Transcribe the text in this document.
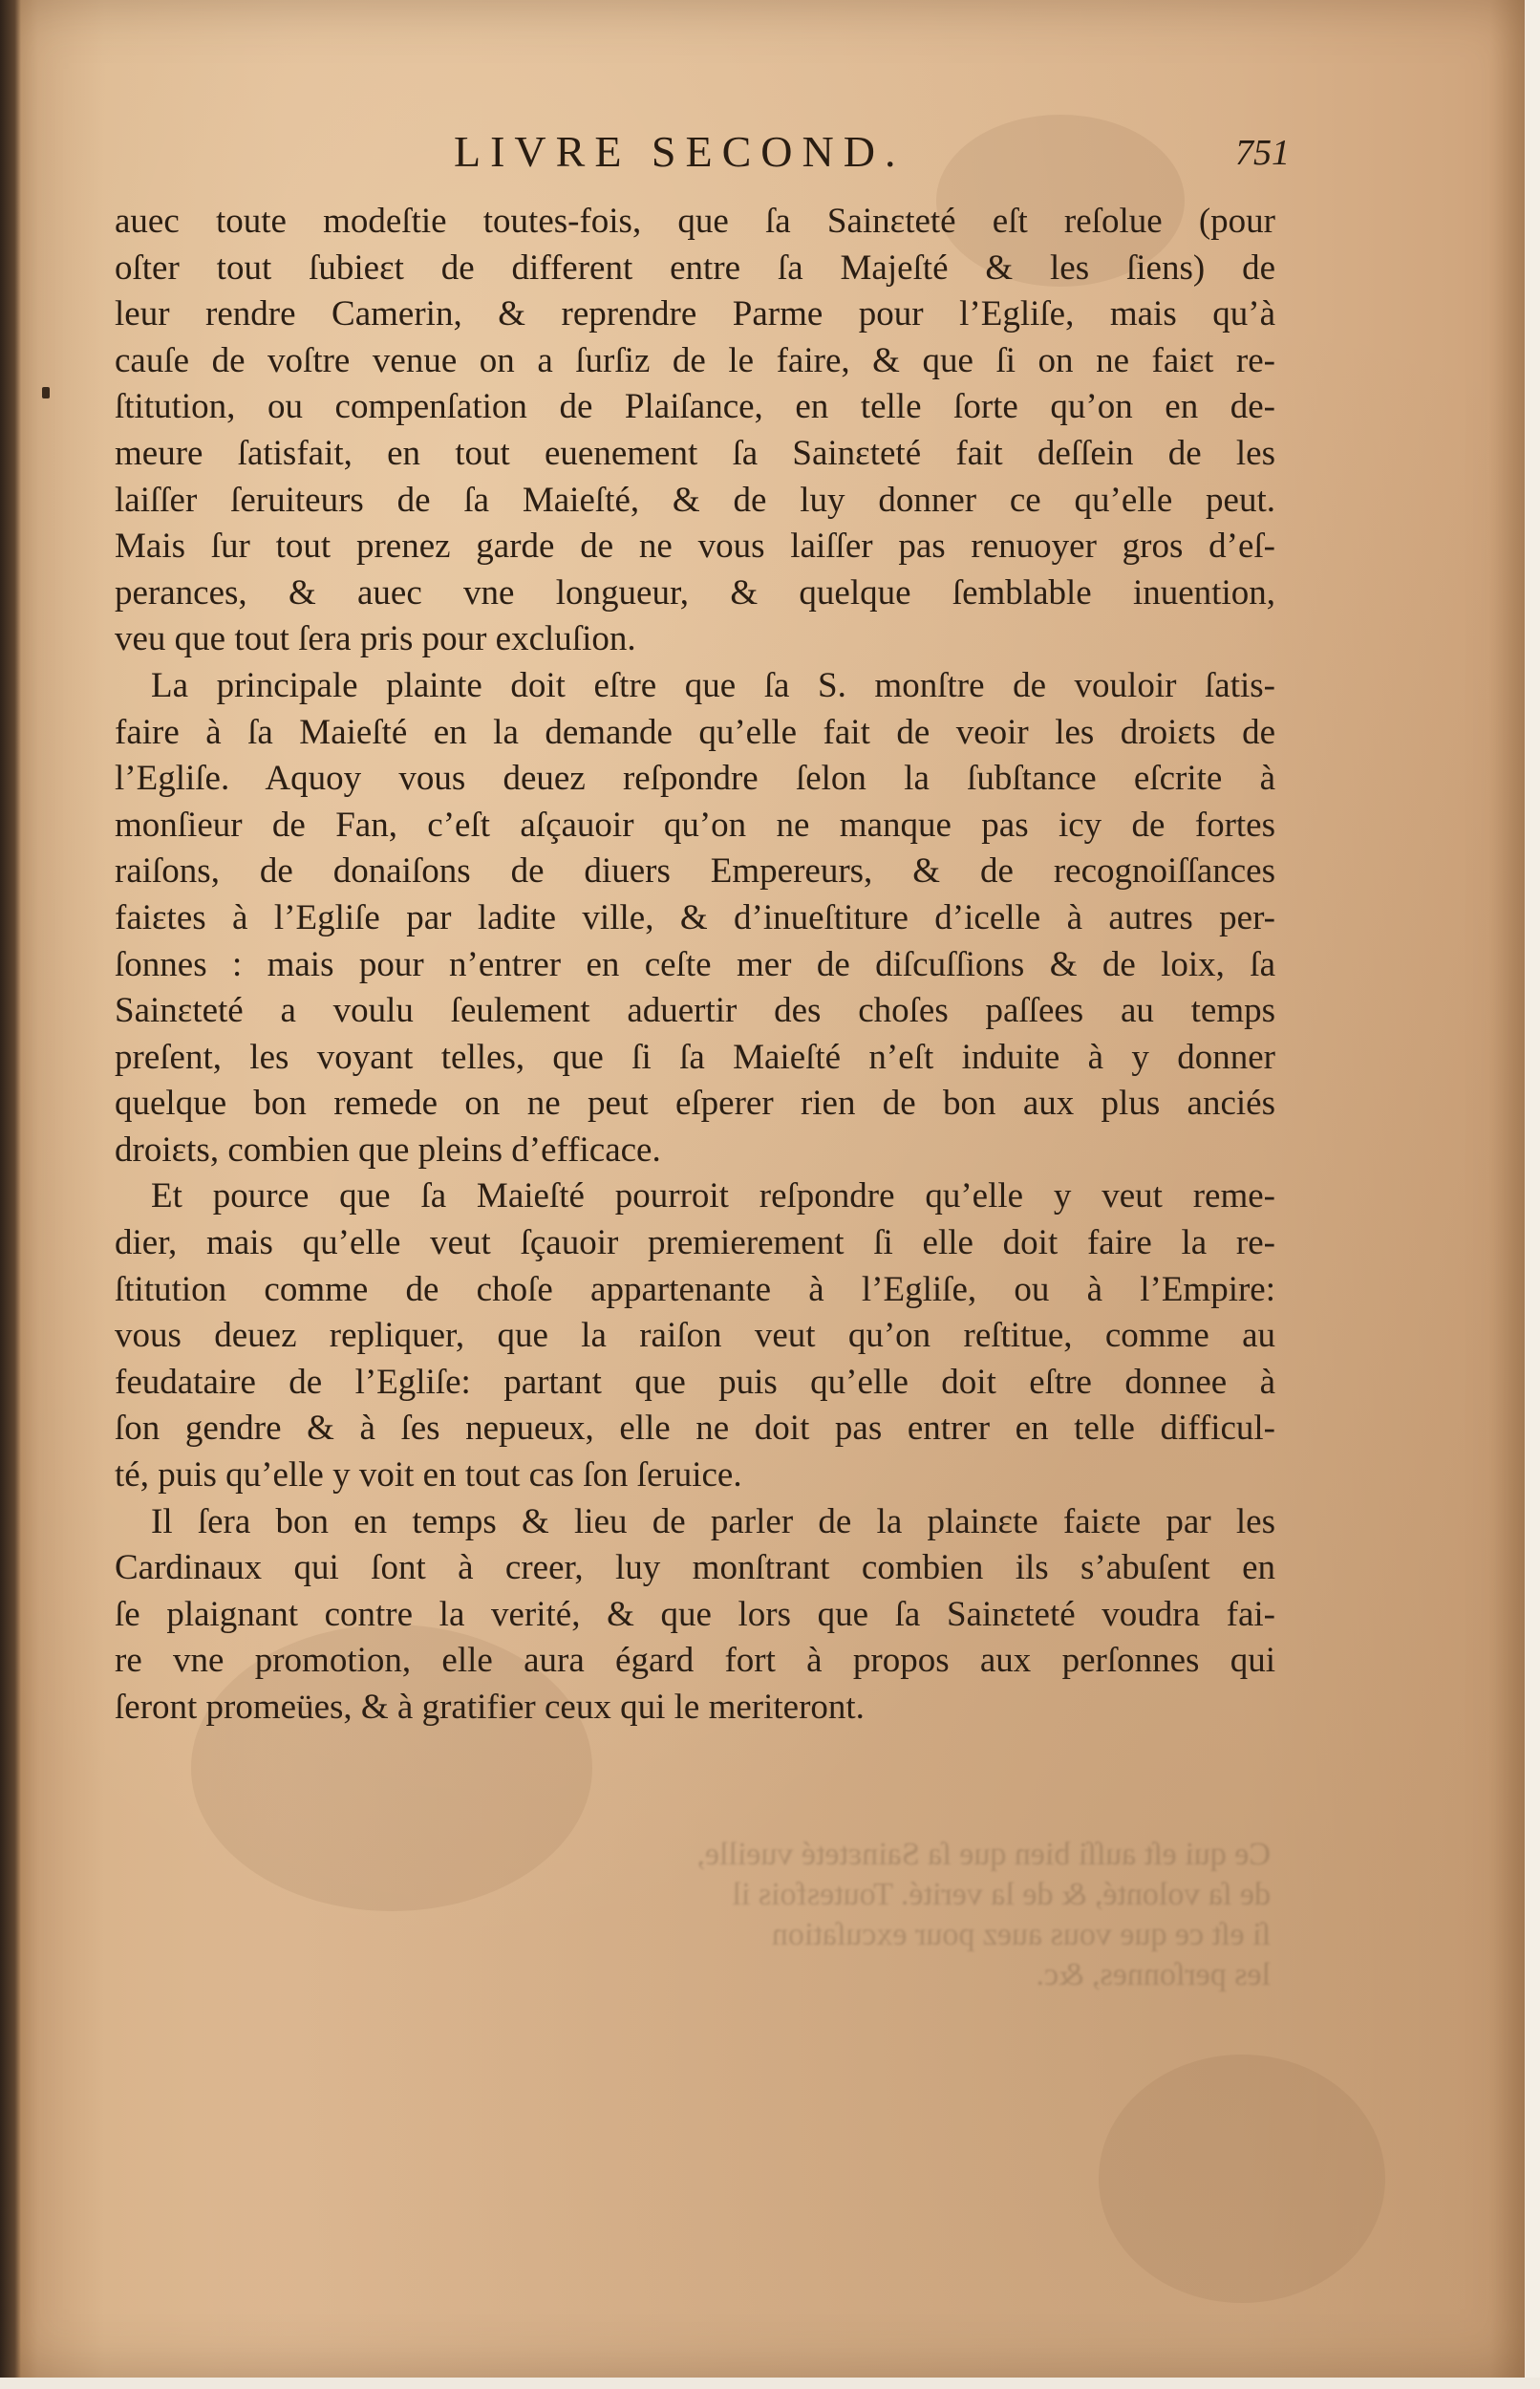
LIVRE SECOND.	751
auec toute modeſtie toutes-fois, que ſa Sainɛteté eſt reſolue (pour
oſter tout ſubieɛt de different entre ſa Majeſté & les ſiens) de
leur rendre Camerin, & reprendre Parme pour l’Egliſe, mais qu’à
cauſe de voſtre venue on a ſurſiz de le faire, & que ſi on ne faiɛt re-
ſtitution, ou compenſation de Plaiſance, en telle ſorte qu’on en de-
meure ſatisfait, en tout euenement ſa Sainɛteté fait deſſein de les
laiſſer ſeruiteurs de ſa Maieſté, & de luy donner ce qu’elle peut.
Mais ſur tout prenez garde de ne vous laiſſer pas renuoyer gros d’eſ-
perances, & auec vne longueur, & quelque ſemblable inuention,
veu que tout ſera pris pour excluſion.
La principale plainte doit eſtre que ſa S. monſtre de vouloir ſatis-
faire à ſa Maieſté en la demande qu’elle fait de veoir les droiɛts de
l’Egliſe. Aquoy vous deuez reſpondre ſelon la ſubſtance eſcrite à
monſieur de Fan, c’eſt aſçauoir qu’on ne manque pas icy de fortes
raiſons, de donaiſons de diuers Empereurs, & de recognoiſſances
faiɛtes à l’Egliſe par ladite ville, & d’inueſtiture d’icelle à autres per-
ſonnes : mais pour n’entrer en ceſte mer de diſcuſſions & de loix, ſa
Sainɛteté a voulu ſeulement aduertir des choſes paſſees au temps
preſent, les voyant telles, que ſi ſa Maieſté n’eſt induite à y donner
quelque bon remede on ne peut eſperer rien de bon aux plus anciés
droiɛts, combien que pleins d’efficace.
Et pource que ſa Maieſté pourroit reſpondre qu’elle y veut reme-
dier, mais qu’elle veut ſçauoir premierement ſi elle doit faire la re-
ſtitution comme de choſe appartenante à l’Egliſe, ou à l’Empire:
vous deuez repliquer, que la raiſon veut qu’on reſtitue, comme au
feudataire de l’Egliſe: partant que puis qu’elle doit eſtre donnee à
ſon gendre & à ſes nepueux, elle ne doit pas entrer en telle difficul-
té, puis qu’elle y voit en tout cas ſon ſeruice.
Il ſera bon en temps & lieu de parler de la plainɛte faiɛte par les
Cardinaux qui ſont à creer, luy monſtrant combien ils s’abuſent en
ſe plaignant contre la verité, & que lors que ſa Sainɛteté voudra fai-
re vne promotion, elle aura égard fort à propos aux perſonnes qui
ſeront promeües, & à gratifier ceux qui le meriteront.
Ce qui eſt auſſi bien que ſa Sainɛteté vueille,
de ſa volonté, & de la verité. Toutesfois il
ſi eſt ce que vous auez pour excuſation
les perſonnes, &c.
